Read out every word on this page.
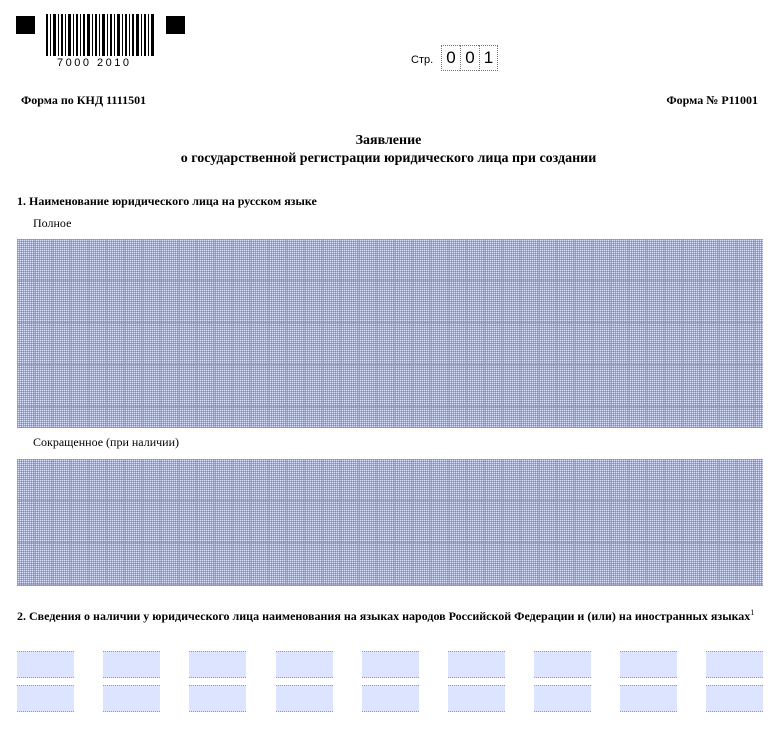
7000 2010	Стр. 0 0 1
Форма по КНД 1111501	Форма № Р11001
Заявление
о государственной регистрации юридического лица при создании
1. Наименование юридического лица на русском языке
Полное
Сокращенное (при наличии)
2. Сведения о наличии у юридического лица наименования на языках народов Российской Федерации и (или) на иностранных языках$^1$
